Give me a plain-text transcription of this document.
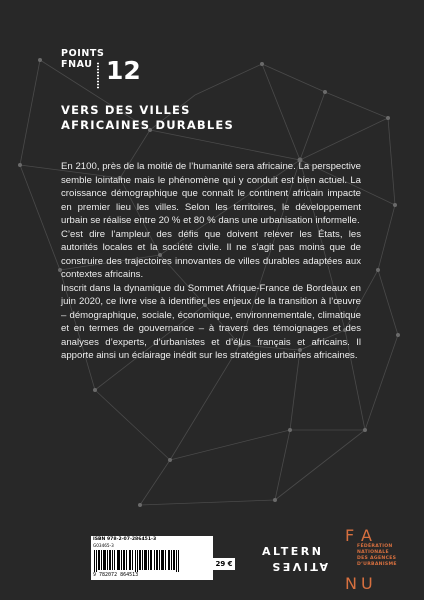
POINTS
FNAU 12
VERS DES VILLES
AFRICAINES DURABLES

En 2100, près de la moitié de l’humanité sera africaine. La perspective semble lointaine mais le phénomène qui y conduit est bien actuel. La croissance démographique que connaît le continent africain impacte en premier lieu les villes. Selon les territoires, le développement urbain se réalise entre 20 % et 80 % dans une urbanisation informelle.

C’est dire l’ampleur des défis que doivent relever les États, les autorités locales et la société civile. Il ne s’agit pas moins que de construire des trajectoires innovantes de villes durables adaptées aux contextes africains.

Inscrit dans la dynamique du Sommet Afrique-France de Bordeaux en juin 2020, ce livre vise à identifier les enjeux de la transition à l’œuvre – démographique, sociale, économique, environnementale, climatique et en termes de gouvernance – à travers des témoignages et des analyses d’experts, d’urbanistes et d’élus français et africains. Il apporte ainsi un éclairage inédit sur les stratégies urbaines africaines.

ISBN 978-2-07-286451-3
G03465-3
9 782072 864513
29 €
ALTERN
ATIVES
F
N
A
U
FÉDÉRATION
NATIONALE
DES AGENCES
D’URBANISME
